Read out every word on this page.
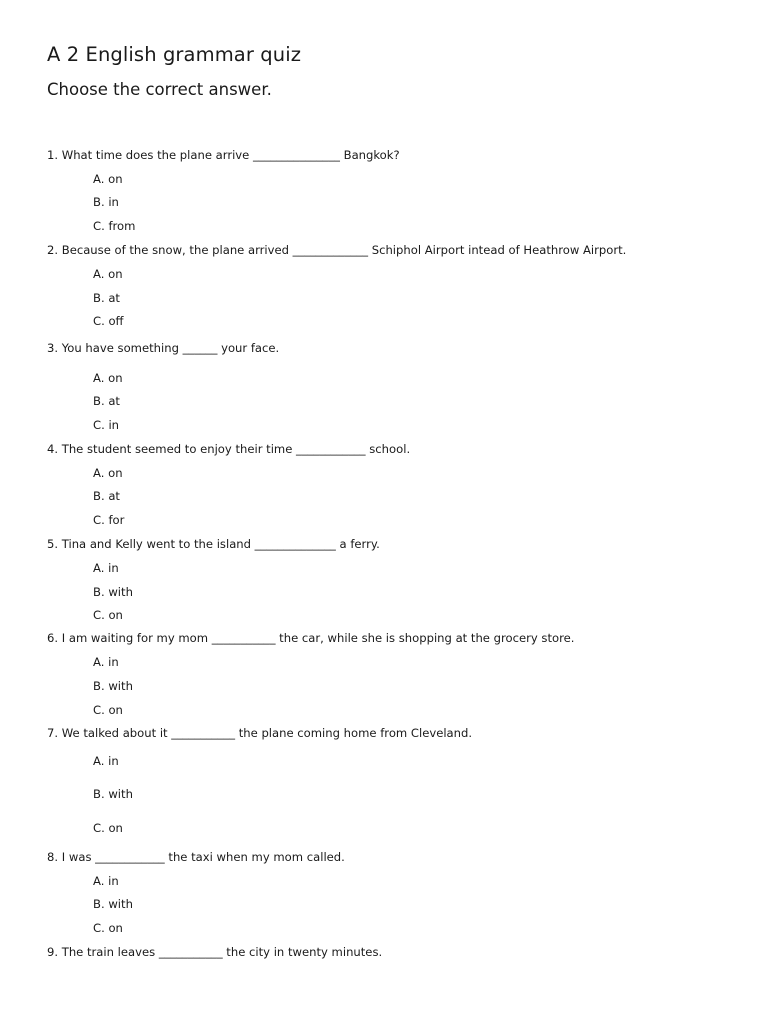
A 2 English grammar quiz
Choose the correct answer.
1. What time does the plane arrive _______________ Bangkok?
A. on
B. in
C. from
2. Because of the snow, the plane arrived _____________ Schiphol Airport intead of Heathrow Airport.
A. on
B. at
C. off
3. You have something ______ your face.
A. on
B. at
C. in
4. The student seemed to enjoy their time ____________ school.
A. on
B. at
C. for
5. Tina and Kelly went to the island ______________ a ferry.
A. in
B. with
C. on
6. I am waiting for my mom ___________ the car, while she is shopping at the grocery store.
A. in
B. with
C. on
7. We talked about it ___________ the plane coming home from Cleveland.
A. in
B. with
C. on
8. I was ____________ the taxi when my mom called.
A. in
B. with
C. on
9. The train leaves ___________ the city in twenty minutes.
